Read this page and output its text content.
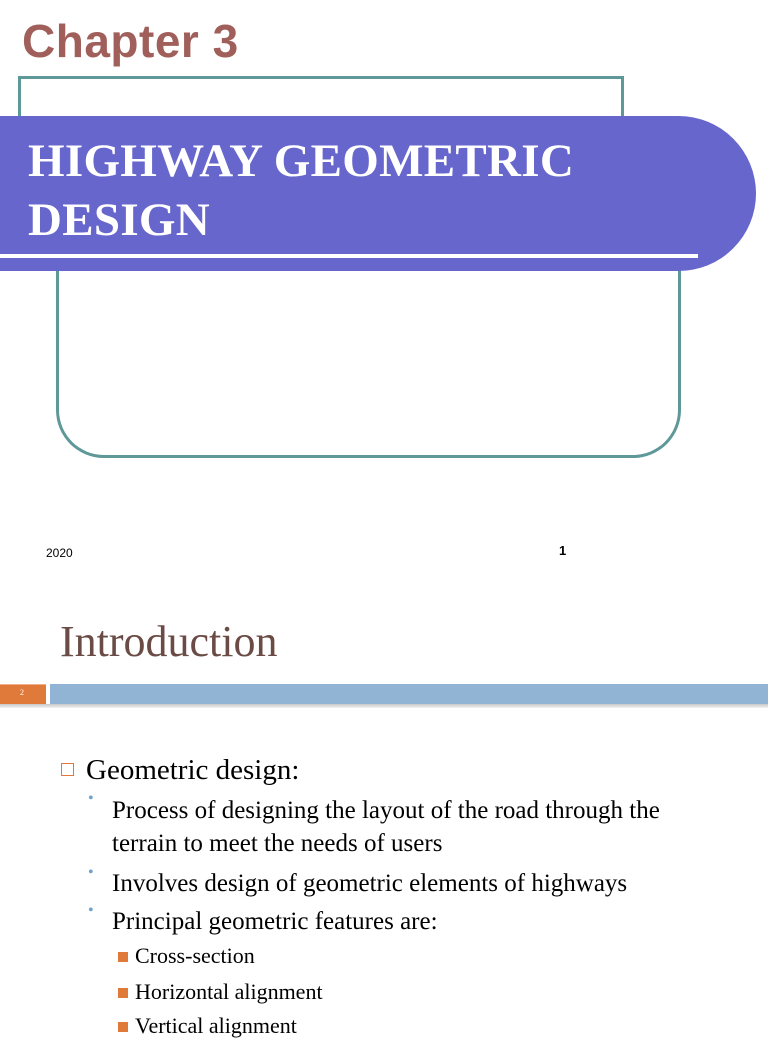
Chapter 3
HIGHWAY GEOMETRIC
DESIGN
2020	1
Introduction
2
Geometric design:
• Process of designing the layout of the road through the
terrain to meet the needs of users
• Involves design of geometric elements of highways
• Principal geometric features are:
Cross-section
Horizontal alignment
Vertical alignment
